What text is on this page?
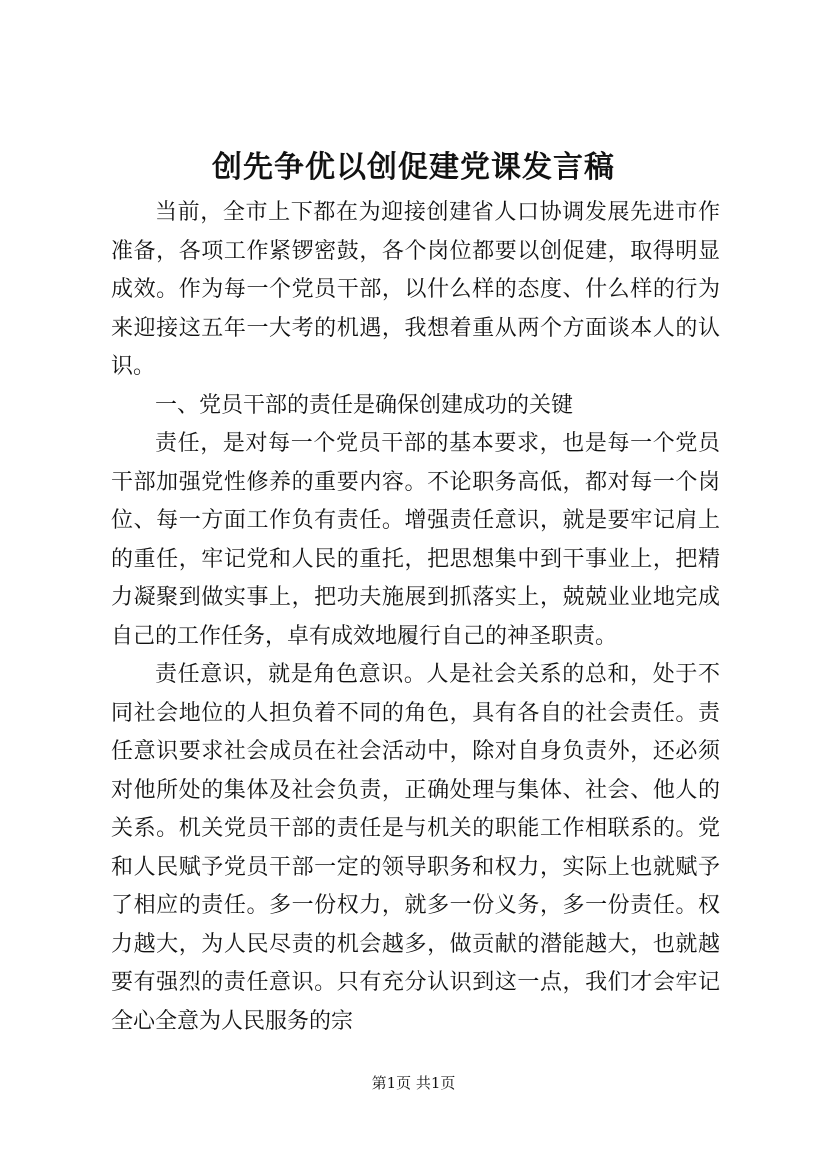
创先争优以创促建党课发言稿

当前，全市上下都在为迎接创建省人口协调发展先进市作准备，各项工作紧锣密鼓，各个岗位都要以创促建，取得明显成效。作为每一个党员干部，以什么样的态度、什么样的行为来迎接这五年一大考的机遇，我想着重从两个方面谈本人的认识。

一、党员干部的责任是确保创建成功的关键

责任，是对每一个党员干部的基本要求，也是每一个党员干部加强党性修养的重要内容。不论职务高低，都对每一个岗位、每一方面工作负有责任。增强责任意识，就是要牢记肩上的重任，牢记党和人民的重托，把思想集中到干事业上，把精力凝聚到做实事上，把功夫施展到抓落实上，兢兢业业地完成自己的工作任务，卓有成效地履行自己的神圣职责。

责任意识，就是角色意识。人是社会关系的总和，处于不同社会地位的人担负着不同的角色，具有各自的社会责任。责任意识要求社会成员在社会活动中，除对自身负责外，还必须对他所处的集体及社会负责，正确处理与集体、社会、他人的关系。机关党员干部的责任是与机关的职能工作相联系的。党和人民赋予党员干部一定的领导职务和权力，实际上也就赋予了相应的责任。多一份权力，就多一份义务，多一份责任。权力越大，为人民尽责的机会越多，做贡献的潜能越大，也就越要有强烈的责任意识。只有充分认识到这一点，我们才会牢记全心全意为人民服务的宗

第1页 共1页
